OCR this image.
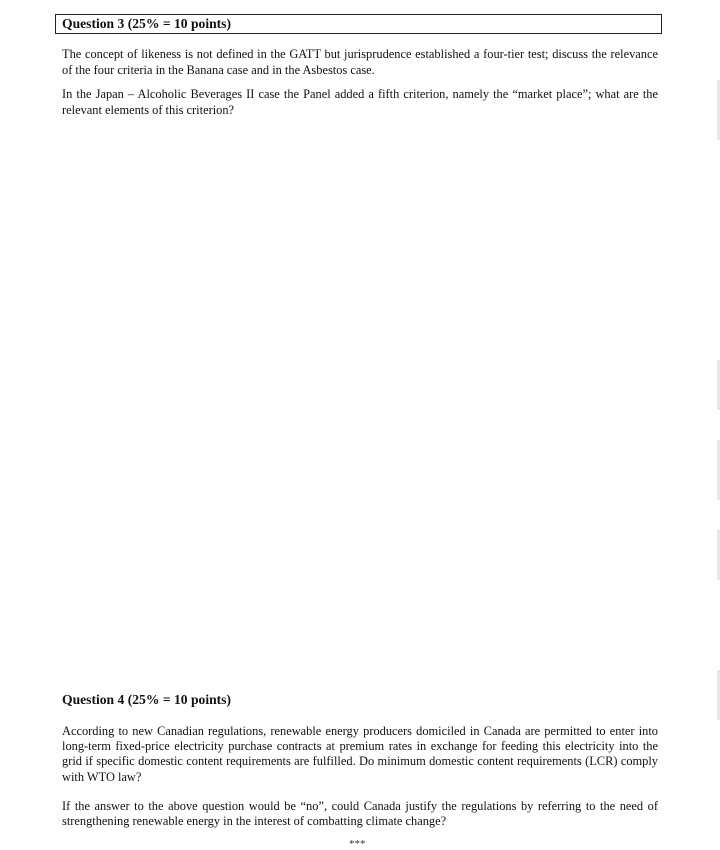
Question 3 (25% = 10 points)

The concept of likeness is not defined in the GATT but jurisprudence established a four-tier test; discuss the relevance of the four criteria in the Banana case and in the Asbestos case.

In the Japan – Alcoholic Beverages II case the Panel added a fifth criterion, namely the “market place”; what are the relevant elements of this criterion?

Question 4 (25% = 10 points)

According to new Canadian regulations, renewable energy producers domiciled in Canada are permitted to enter into long-term fixed-price electricity purchase contracts at premium rates in exchange for feeding this electricity into the grid if specific domestic content requirements are fulfilled. Do minimum domestic content requirements (LCR) comply with WTO law?

If the answer to the above question would be “no”, could Canada justify the regulations by referring to the need of strengthening renewable energy in the interest of combatting climate change?

***
